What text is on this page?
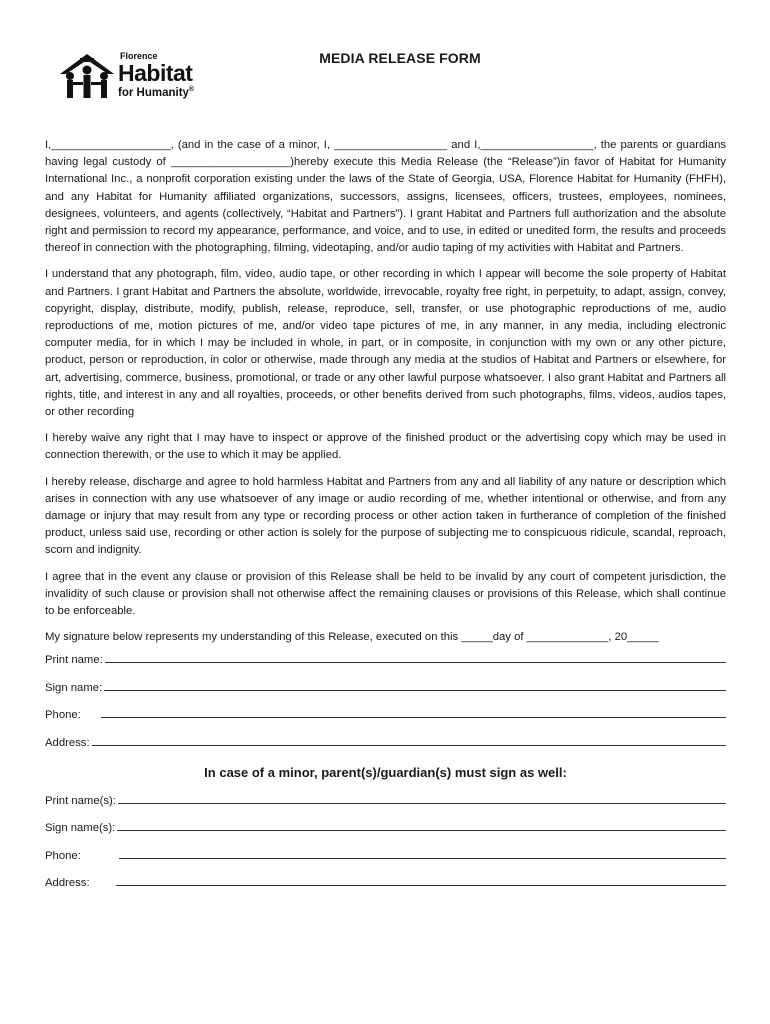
Florence
Habitat
for Humanity®
MEDIA RELEASE FORM

I,___________________, (and in the case of a minor, I, __________________ and I,__________________, the parents or guardians having legal custody of ___________________)hereby execute this Media Release (the “Release”)in favor of Habitat for Humanity International Inc., a nonprofit corporation existing under the laws of the State of Georgia, USA, Florence Habitat for Humanity (FHFH), and any Habitat for Humanity affiliated organizations, successors, assigns, licensees, officers, trustees, employees, nominees, designees, volunteers, and agents (collectively, “Habitat and Partners”). I grant Habitat and Partners full authorization and the absolute right and permission to record my appearance, performance, and voice, and to use, in edited or unedited form, the results and proceeds thereof in connection with the photographing, filming, videotaping, and/or audio taping of my activities with Habitat and Partners.

I understand that any photograph, film, video, audio tape, or other recording in which I appear will become the sole property of Habitat and Partners. I grant Habitat and Partners the absolute, worldwide, irrevocable, royalty free right, in perpetuity, to adapt, assign, convey, copyright, display, distribute, modify, publish, release, reproduce, sell, transfer, or use photographic reproductions of me, audio reproductions of me, motion pictures of me, and/or video tape pictures of me, in any manner, in any media, including electronic computer media, for in which I may be included in whole, in part, or in composite, in conjunction with my own or any other picture, product, person or reproduction, in color or otherwise, made through any media at the studios of Habitat and Partners or elsewhere, for art, advertising, commerce, business, promotional, or trade or any other lawful purpose whatsoever. I also grant Habitat and Partners all rights, title, and interest in any and all royalties, proceeds, or other benefits derived from such photographs, films, videos, audios tapes, or other recording

I hereby waive any right that I may have to inspect or approve of the finished product or the advertising copy which may be used in connection therewith, or the use to which it may be applied.

I hereby release, discharge and agree to hold harmless Habitat and Partners from any and all liability of any nature or description which arises in connection with any use whatsoever of any image or audio recording of me, whether intentional or otherwise, and from any damage or injury that may result from any type or recording process or other action taken in furtherance of completion of the finished product, unless said use, recording or other action is solely for the purpose of subjecting me to conspicuous ridicule, scandal, reproach, scorn and indignity.

I agree that in the event any clause or provision of this Release shall be held to be invalid by any court of competent jurisdiction, the invalidity of such clause or provision shall not otherwise affect the remaining clauses or provisions of this Release, which shall continue to be enforceable.

My signature below represents my understanding of this Release, executed on this _____day of _____________, 20_____

Print name:
Sign name:
Phone:
Address:
In case of a minor, parent(s)/guardian(s) must sign as well:
Print name(s):
Sign name(s):
Phone:
Address:
